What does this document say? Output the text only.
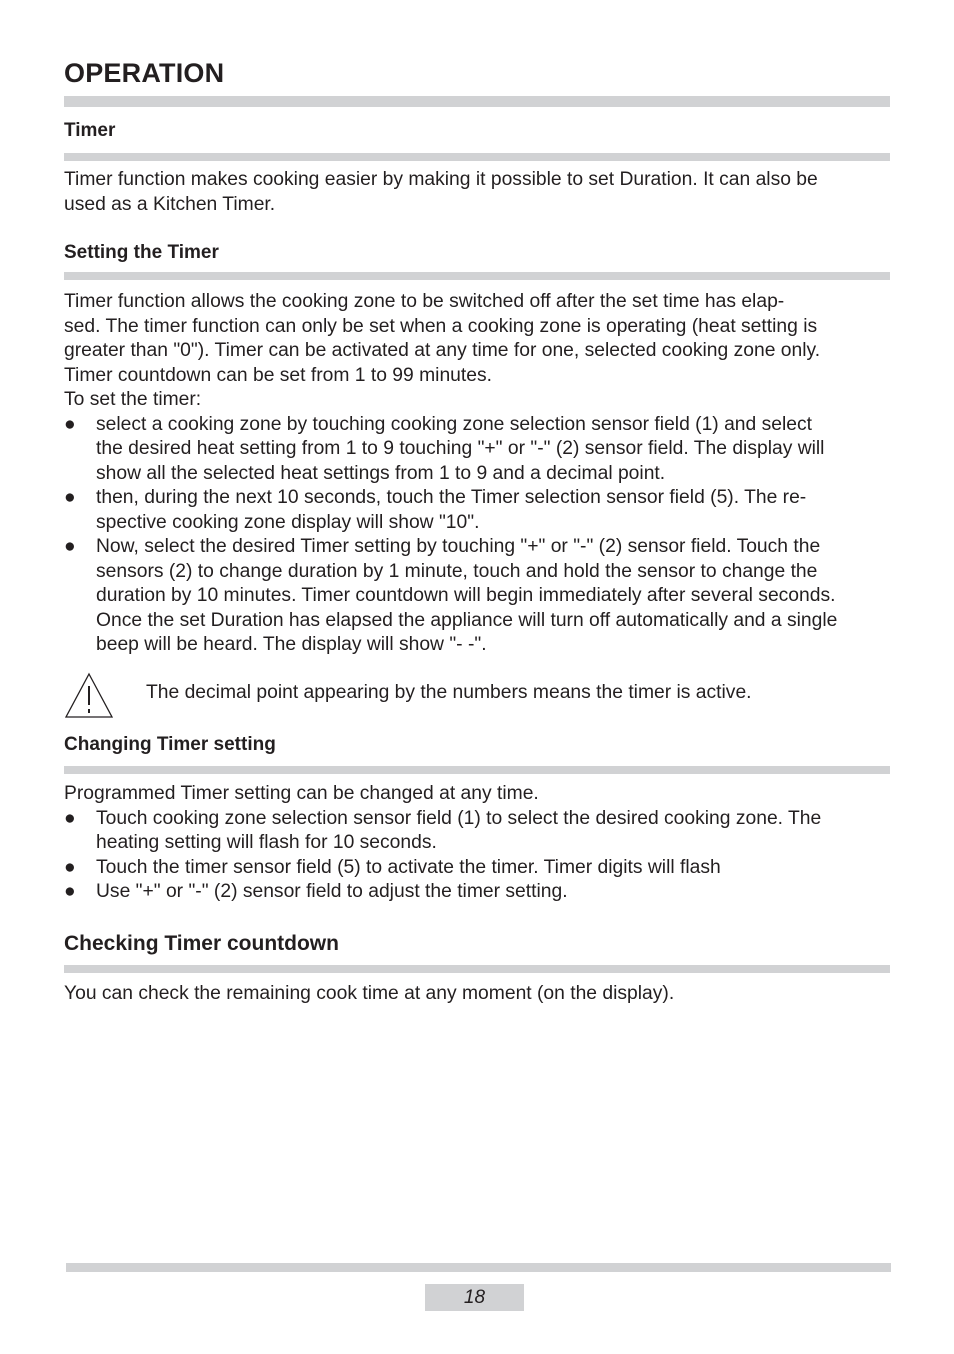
OPERATION
Timer

Timer function makes cooking easier by making it possible to set Duration. It can also be

used as a Kitchen Timer.

Setting the Timer

Timer function allows the cooking zone to be switched off after the set time has elap-

sed. The timer function can only be set when a cooking zone is operating (heat setting is

greater than "0"). Timer can be activated at any time for one, selected cooking zone only.

Timer countdown can be set from 1 to 99 minutes.

To set the timer:

● select a cooking zone by touching cooking zone selection sensor field (1) and select

the desired heat setting from 1 to 9 touching "+" or "-" (2) sensor field. The display will

show all the selected heat settings from 1 to 9 and a decimal point.

● then, during the next 10 seconds, touch the Timer selection sensor field (5). The re-

spective cooking zone display will show "10".

● Now, select the desired Timer setting by touching "+" or "-" (2) sensor field. Touch the

sensors (2) to change duration by 1 minute, touch and hold the sensor to change the

duration by 10 minutes. Timer countdown will begin immediately after several seconds.

Once the set Duration has elapsed the appliance will turn off automatically and a single

beep will be heard. The display will show "- -".

The decimal point appearing by the numbers means the timer is active.
Changing Timer setting

Programmed Timer setting can be changed at any time.

● Touch cooking zone selection sensor field (1) to select the desired cooking zone. The

heating setting will flash for 10 seconds.

● Touch the timer sensor field (5) to activate the timer. Timer digits will flash

● Use "+" or "-" (2) sensor field to adjust the timer setting.

Checking Timer countdown

You can check the remaining cook time at any moment (on the display).

18
